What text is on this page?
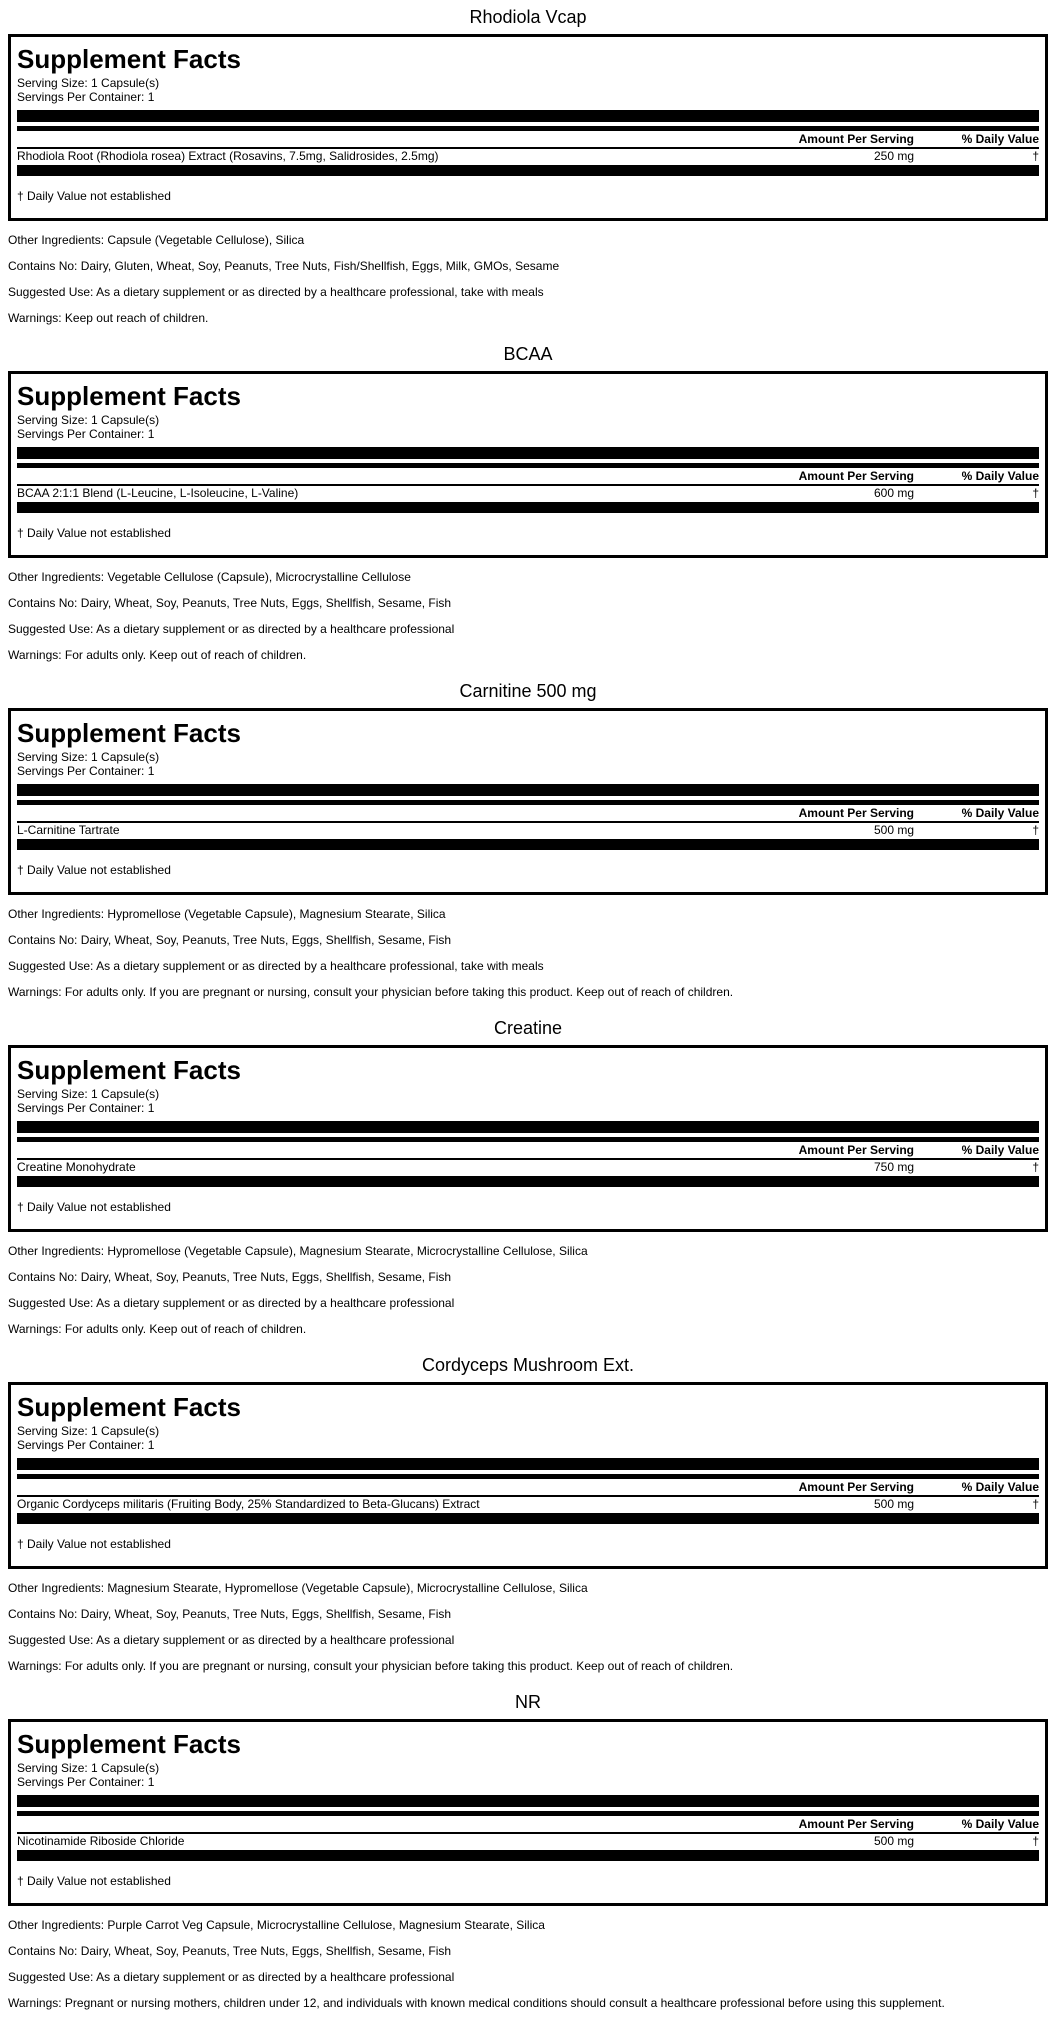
Rhodiola Vcap
Supplement Facts
Serving Size: 1 Capsule(s)
Servings Per Container: 1
Amount Per Serving	% Daily Value
Rhodiola Root (Rhodiola rosea) Extract (Rosavins, 7.5mg, Salidrosides, 2.5mg)	250 mg	†
† Daily Value not established
Other Ingredients: Capsule (Vegetable Cellulose), Silica
Contains No: Dairy, Gluten, Wheat, Soy, Peanuts, Tree Nuts, Fish/Shellfish, Eggs, Milk, GMOs, Sesame
Suggested Use: As a dietary supplement or as directed by a healthcare professional, take with meals
Warnings: Keep out reach of children.
BCAA
Supplement Facts
Serving Size: 1 Capsule(s)
Servings Per Container: 1
Amount Per Serving	% Daily Value
BCAA 2:1:1 Blend (L-Leucine, L-Isoleucine, L-Valine)	600 mg	†
† Daily Value not established
Other Ingredients: Vegetable Cellulose (Capsule), Microcrystalline Cellulose
Contains No: Dairy, Wheat, Soy, Peanuts, Tree Nuts, Eggs, Shellfish, Sesame, Fish
Suggested Use: As a dietary supplement or as directed by a healthcare professional
Warnings: For adults only. Keep out of reach of children.
Carnitine 500 mg
Supplement Facts
Serving Size: 1 Capsule(s)
Servings Per Container: 1
Amount Per Serving	% Daily Value
L-Carnitine Tartrate	500 mg	†
† Daily Value not established
Other Ingredients: Hypromellose (Vegetable Capsule), Magnesium Stearate, Silica
Contains No: Dairy, Wheat, Soy, Peanuts, Tree Nuts, Eggs, Shellfish, Sesame, Fish
Suggested Use: As a dietary supplement or as directed by a healthcare professional, take with meals
Warnings: For adults only. If you are pregnant or nursing, consult your physician before taking this product. Keep out of reach of children.
Creatine
Supplement Facts
Serving Size: 1 Capsule(s)
Servings Per Container: 1
Amount Per Serving	% Daily Value
Creatine Monohydrate	750 mg	†
† Daily Value not established
Other Ingredients: Hypromellose (Vegetable Capsule), Magnesium Stearate, Microcrystalline Cellulose, Silica
Contains No: Dairy, Wheat, Soy, Peanuts, Tree Nuts, Eggs, Shellfish, Sesame, Fish
Suggested Use: As a dietary supplement or as directed by a healthcare professional
Warnings: For adults only. Keep out of reach of children.
Cordyceps Mushroom Ext.
Supplement Facts
Serving Size: 1 Capsule(s)
Servings Per Container: 1
Amount Per Serving	% Daily Value
Organic Cordyceps militaris (Fruiting Body, 25% Standardized to Beta-Glucans) Extract	500 mg	†
† Daily Value not established
Other Ingredients: Magnesium Stearate, Hypromellose (Vegetable Capsule), Microcrystalline Cellulose, Silica
Contains No: Dairy, Wheat, Soy, Peanuts, Tree Nuts, Eggs, Shellfish, Sesame, Fish
Suggested Use: As a dietary supplement or as directed by a healthcare professional
Warnings: For adults only. If you are pregnant or nursing, consult your physician before taking this product. Keep out of reach of children.
NR
Supplement Facts
Serving Size: 1 Capsule(s)
Servings Per Container: 1
Amount Per Serving	% Daily Value
Nicotinamide Riboside Chloride	500 mg	†
† Daily Value not established
Other Ingredients: Purple Carrot Veg Capsule, Microcrystalline Cellulose, Magnesium Stearate, Silica
Contains No: Dairy, Wheat, Soy, Peanuts, Tree Nuts, Eggs, Shellfish, Sesame, Fish
Suggested Use: As a dietary supplement or as directed by a healthcare professional
Warnings: Pregnant or nursing mothers, children under 12, and individuals with known medical conditions should consult a healthcare professional before using this supplement.
